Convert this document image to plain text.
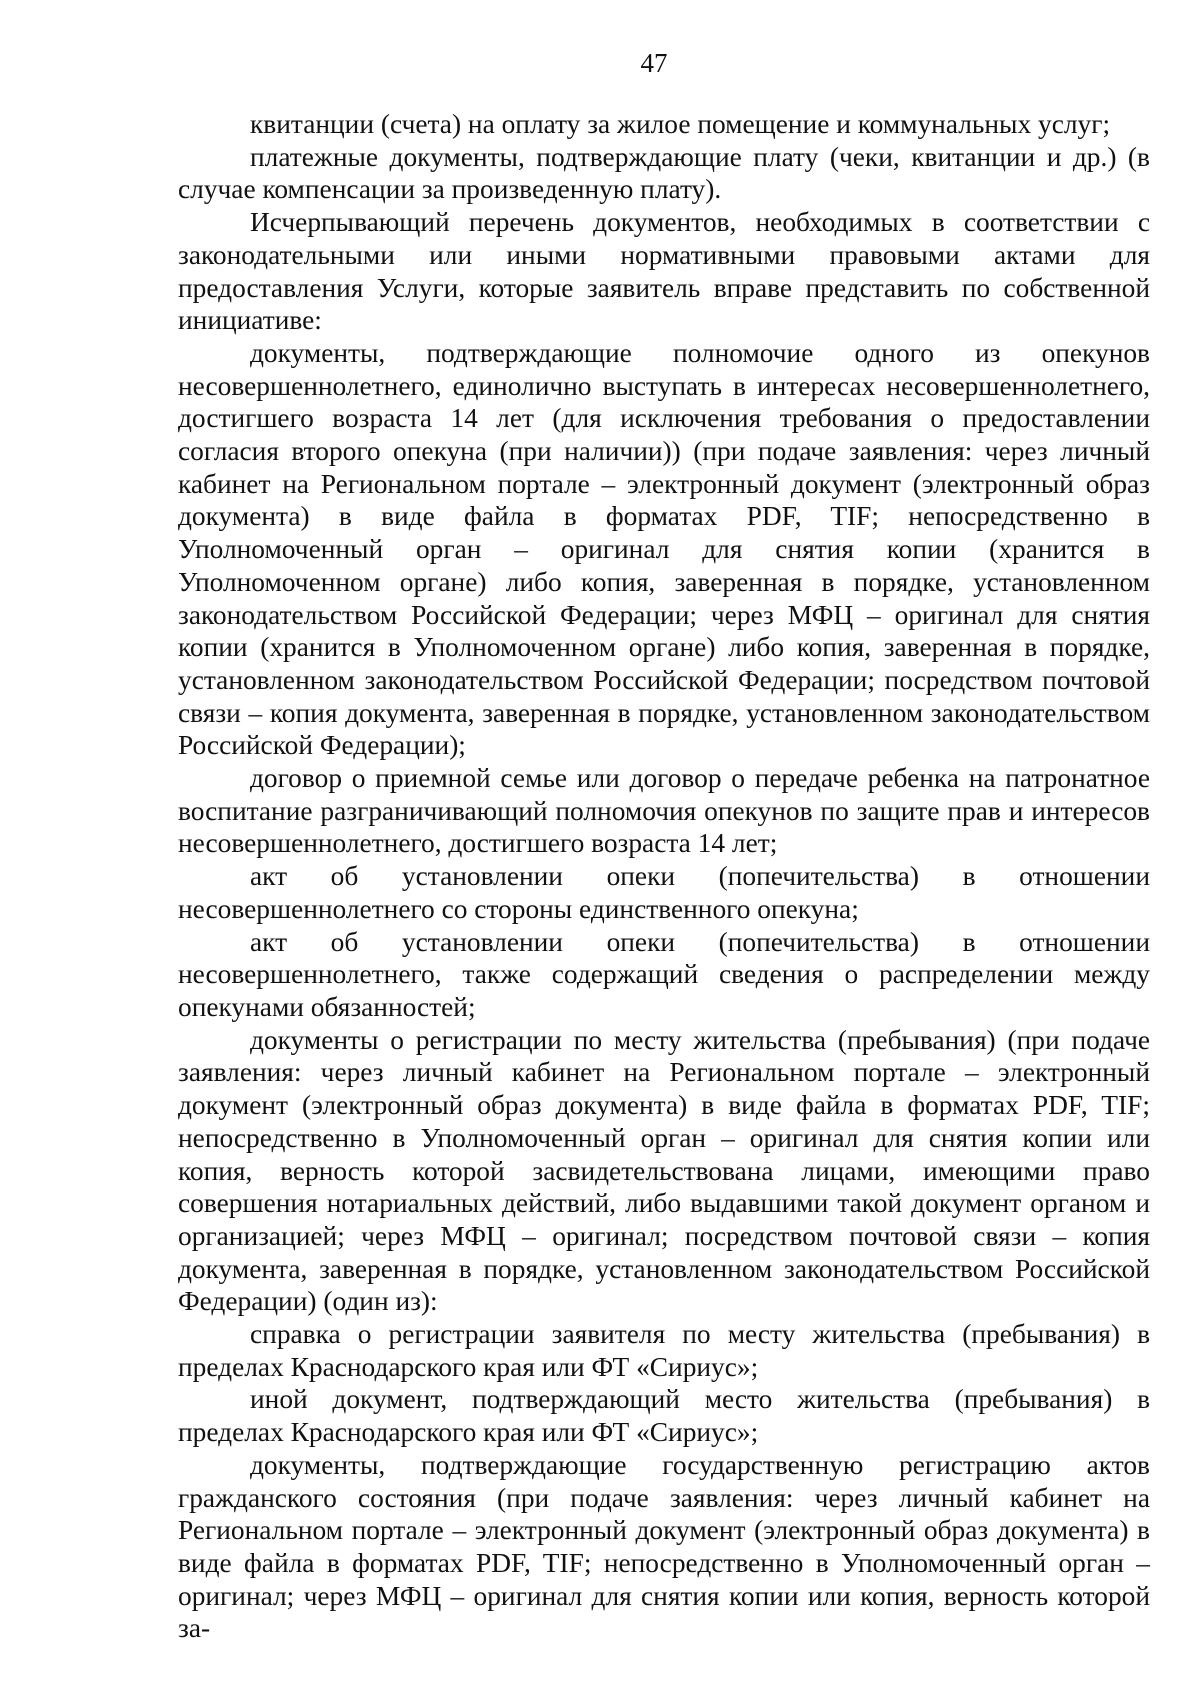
47

квитанции (счета) на оплату за жилое помещение и коммунальных услуг;

платежные документы, подтверждающие плату (чеки, квитанции и др.) (в случае компенсации за произведенную плату).

Исчерпывающий перечень документов, необходимых в соответствии с законодательными или иными нормативными правовыми актами для предоставления Услуги, которые заявитель вправе представить по собственной инициативе:

документы, подтверждающие полномочие одного из опекунов несовершеннолетнего, единолично выступать в интересах несовершеннолетнего, достигшего возраста 14 лет (для исключения требования о предоставлении согласия второго опекуна (при наличии)) (при подаче заявления: через личный кабинет на Региональном портале – электронный документ (электронный образ документа) в виде файла в форматах PDF, TIF; непосредственно в Уполномоченный орган – оригинал для снятия копии (хранится в Уполномоченном органе) либо копия, заверенная в порядке, установленном законодательством Российской Федерации; через МФЦ – оригинал для снятия копии (хранится в Уполномоченном органе) либо копия, заверенная в порядке, установленном законодательством Российской Федерации; посредством почтовой связи – копия документа, заверенная в порядке, установленном законодательством Российской Федерации);

договор о приемной семье или договор о передаче ребенка на патронатное воспитание разграничивающий полномочия опекунов по защите прав и интересов несовершеннолетнего, достигшего возраста 14 лет;

акт об установлении опеки (попечительства) в отношении несовершеннолетнего со стороны единственного опекуна;

акт об установлении опеки (попечительства) в отношении несовершеннолетнего, также содержащий сведения о распределении между опекунами обязанностей;

документы о регистрации по месту жительства (пребывания) (при подаче заявления: через личный кабинет на Региональном портале – электронный документ (электронный образ документа) в виде файла в форматах PDF, TIF; непосредственно в Уполномоченный орган – оригинал для снятия копии или копия, верность которой засвидетельствована лицами, имеющими право совершения нотариальных действий, либо выдавшими такой документ органом и организацией; через МФЦ – оригинал; посредством почтовой связи – копия документа, заверенная в порядке, установленном законодательством Российской Федерации) (один из):

справка о регистрации заявителя по месту жительства (пребывания) в пределах Краснодарского края или ФТ «Сириус»;

иной документ, подтверждающий место жительства (пребывания) в пределах Краснодарского края или ФТ «Сириус»;

документы, подтверждающие государственную регистрацию актов гражданского состояния (при подаче заявления: через личный кабинет на Региональном портале – электронный документ (электронный образ документа) в виде файла в форматах PDF, TIF; непосредственно в Уполномоченный орган – оригинал; через МФЦ – оригинал для снятия копии или копия, верность которой за-
